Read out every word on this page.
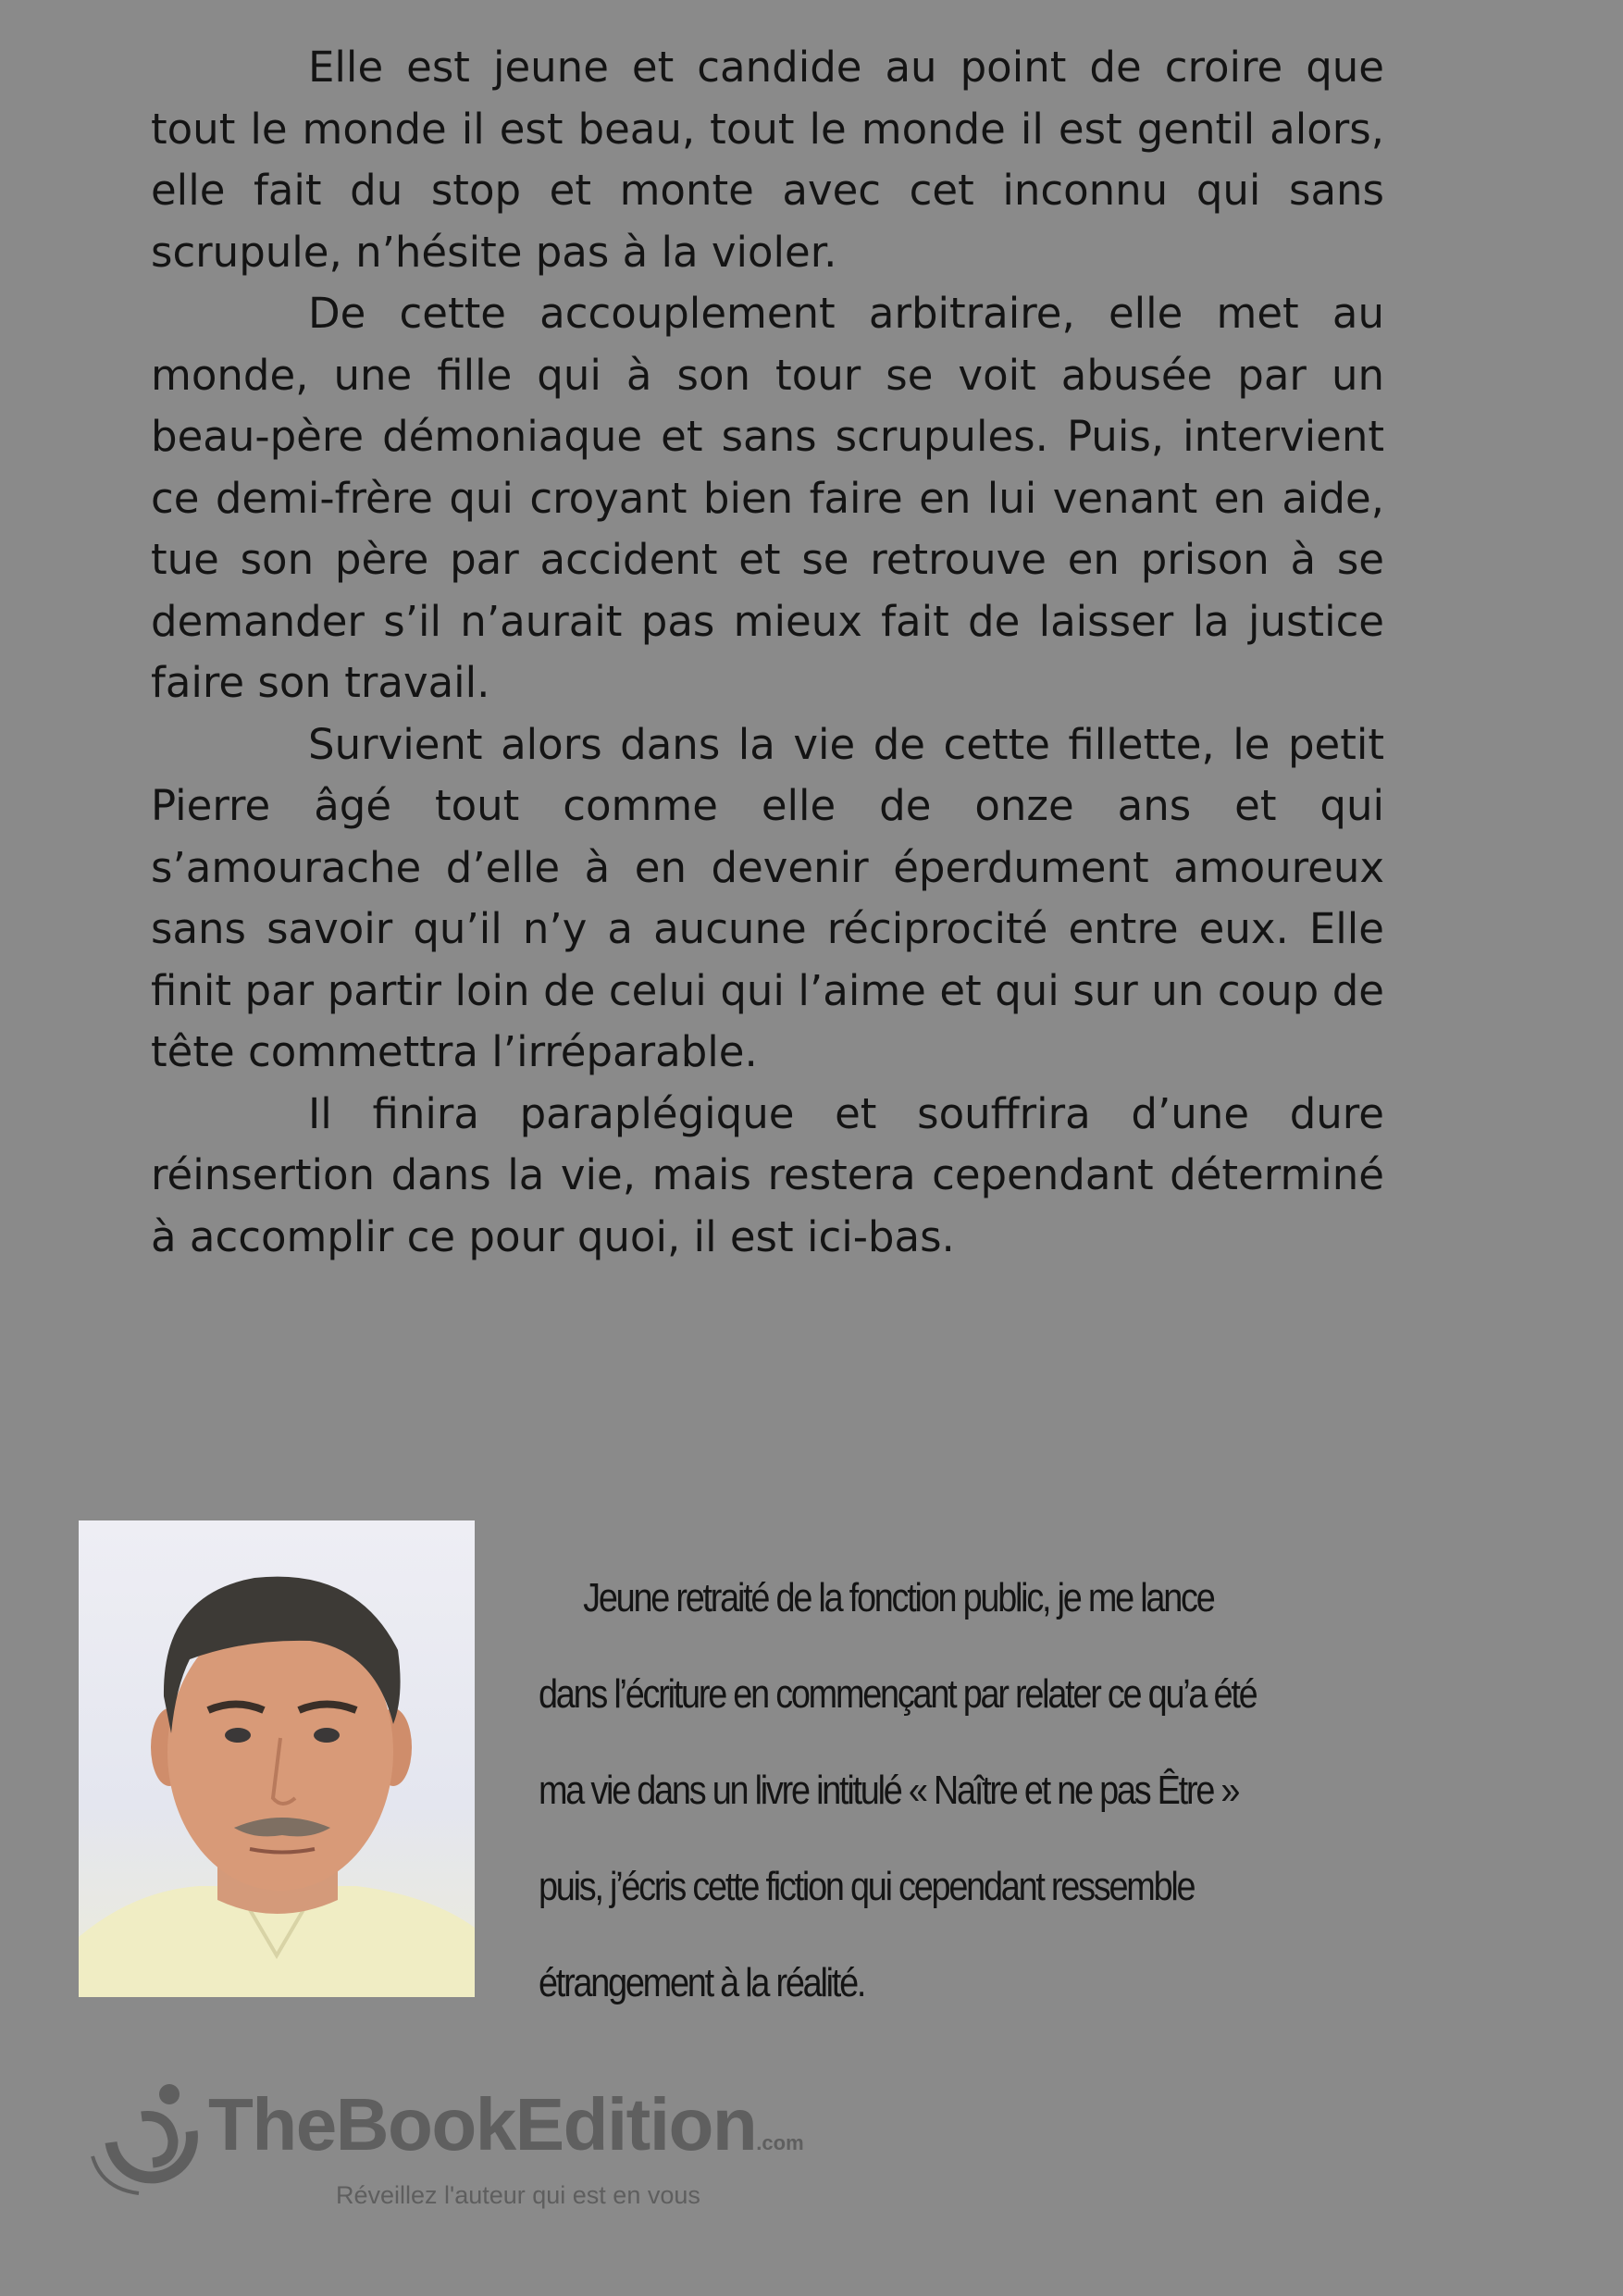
Elle est jeune et candide au point de croire que tout le monde il est beau, tout le monde il est gentil alors, elle fait du stop et monte avec cet inconnu qui sans scrupule, n’hésite pas à la violer.

De cette accouplement arbitraire, elle met au monde, une fille qui à son tour se voit abusée par un beau-père démoniaque et sans scrupules. Puis, intervient ce demi-frère qui croyant bien faire en lui venant en aide, tue son père par accident et se retrouve en prison à se demander s’il n’aurait pas mieux fait de laisser la justice faire son travail.

Survient alors dans la vie de cette fillette, le petit Pierre âgé tout comme elle de onze ans et qui s’amourache d’elle à en devenir éperdument amoureux sans savoir qu’il n’y a aucune réciprocité entre eux. Elle finit par partir loin de celui qui l’aime et qui sur un coup de tête commettra l’irréparable.

Il finira paraplégique et souffrira d’une dure réinsertion dans la vie, mais restera cependant déterminé à accomplir ce pour quoi, il est ici-bas.

Jeune retraité de la fonction public, je me lance dans l’écriture en commençant par relater ce qu’a été ma vie dans un livre intitulé « Naître et ne pas Être » puis, j’écris cette fiction qui cependant ressemble étrangement à la réalité.
TheBookEdition.com
Réveillez l'auteur qui est en vous
